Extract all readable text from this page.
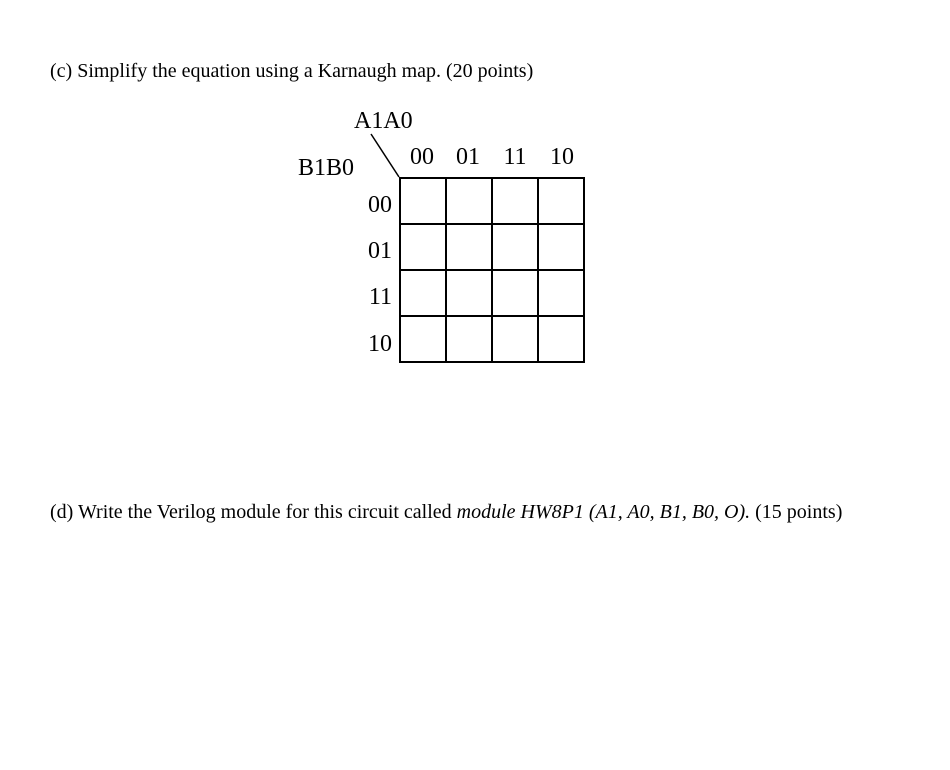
(c) Simplify the equation using a Karnaugh map. (20 points)
A1A0
B1B0	00 01 11 10
00
01
11
10

(d) Write the Verilog module for this circuit called module HW8P1 (A1, A0, B1, B0, O). (15 points)
